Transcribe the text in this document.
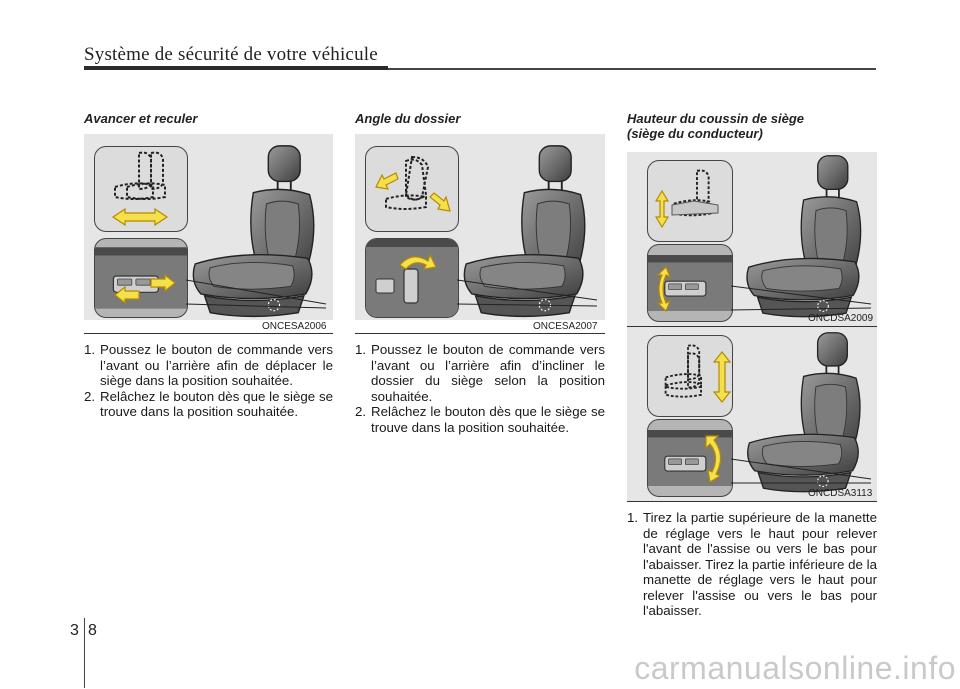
Système de sécurité de votre véhicule
Avancer et reculer
ONCESA2006
1. Poussez le bouton de commande vers l’avant ou l’arrière afin de déplacer le siège dans la position souhaitée.
2. Relâchez le bouton dès que le siège se trouve dans la position souhaitée.
Angle du dossier
ONCESA2007
1. Poussez le bouton de commande vers l’avant ou l’arrière afin d’incliner le dossier du siège selon la position souhaitée.
2. Relâchez le bouton dès que le siège se trouve dans la position souhaitée.
Hauteur du coussin de siège
(siège du conducteur)
ONCDSA2009
ONCDSA3113
1. Tirez la partie supérieure de la manette de réglage vers le haut pour relever l'avant de l'assise ou vers le bas pour l'abaisser. Tirez la partie inférieure de la manette de réglage vers le haut pour relever l'assise ou vers le bas pour l'abaisser.
3 8
carmanualsonline.info
